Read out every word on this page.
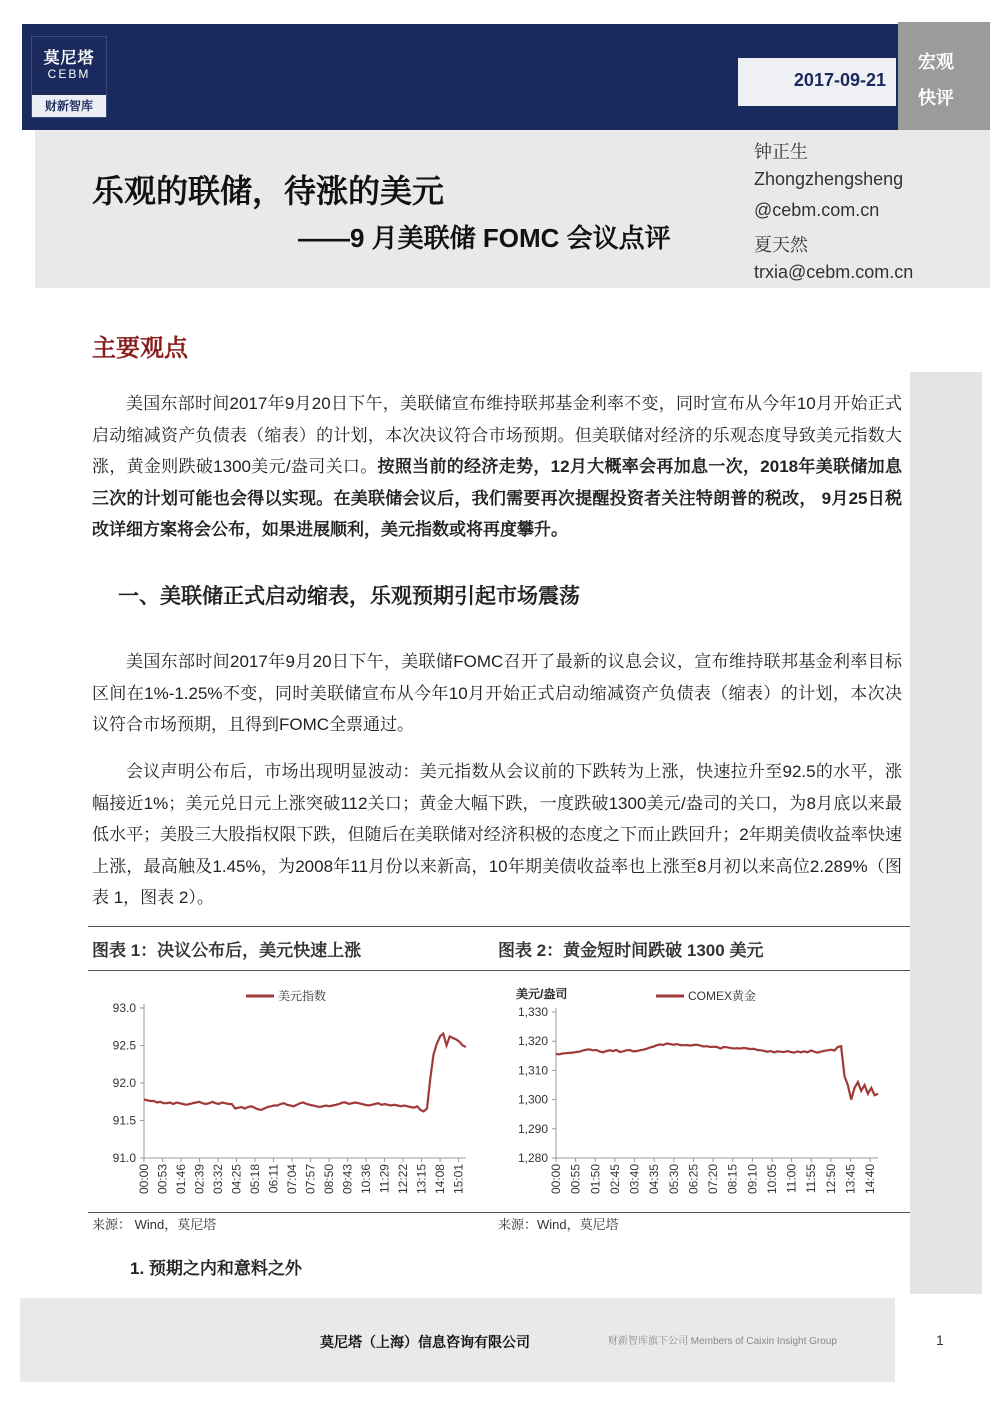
莫尼塔
CEBM
财新智库
2017-09-21
宏观
快评
乐观的联储，待涨的美元
——9 月美联储 FOMC 会议点评
钟正生
Zhongzhengsheng
@cebm.com.cn
夏天然
trxia@cebm.com.cn
主要观点
美国东部时间2017年9月20日下午，美联储宣布维持联邦基金利率不变，同时宣布从今年10月开始正式启动缩减资产负债表（缩表）的计划，本次决议符合市场预期。但美联储对经济的乐观态度导致美元指数大涨，黄金则跌破1300美元/盎司关口。按照当前的经济走势，12月大概率会再加息一次，2018年美联储加息三次的计划可能也会得以实现。在美联储会议后，我们需要再次提醒投资者关注特朗普的税改， 9月25日税改详细方案将会公布，如果进展顺利，美元指数或将再度攀升。
一、美联储正式启动缩表，乐观预期引起市场震荡
美国东部时间2017年9月20日下午，美联储FOMC召开了最新的议息会议，宣布维持联邦基金利率目标区间在1%-1.25%不变，同时美联储宣布从今年10月开始正式启动缩减资产负债表（缩表）的计划，本次决议符合市场预期，且得到FOMC全票通过。
会议声明公布后，市场出现明显波动：美元指数从会议前的下跌转为上涨，快速拉升至92.5的水平，涨幅接近1%；美元兑日元上涨突破112关口；黄金大幅下跌，一度跌破1300美元/盎司的关口，为8月底以来最低水平；美股三大股指权限下跌，但随后在美联储对经济积极的态度之下而止跌回升；2年期美债收益率快速上涨，最高触及1.45%，为2008年11月份以来新高，10年期美债收益率也上涨至8月初以来高位2.289%（图表 1，图表 2）。
图表 1：决议公布后，美元快速上涨	图表 2：黄金短时间跌破 1300 美元
93.0
92.5
92.0
91.5
91.0
00:00 00:53 01:46 02:39 03:32 04:25 05:18 06:11 07:04 07:57 08:50 09:43 10:36 11:29 12:22 13:15 14:08 15:01
美元指数
1,330
1,320
1,310
1,300
1,290
1,280
00:00 00:55 01:50 02:45 03:40 04:35 05:30 06:25 07:20 08:15 09:10 10:05 11:00 11:55 12:50 13:45 14:40
COMEX黄金
美元/盎司
来源： Wind，莫尼塔	来源：Wind，莫尼塔
1. 预期之内和意料之外
莫尼塔（上海）信息咨询有限公司	财新智库旗下公司 Members of Caixin Insight Group	1
